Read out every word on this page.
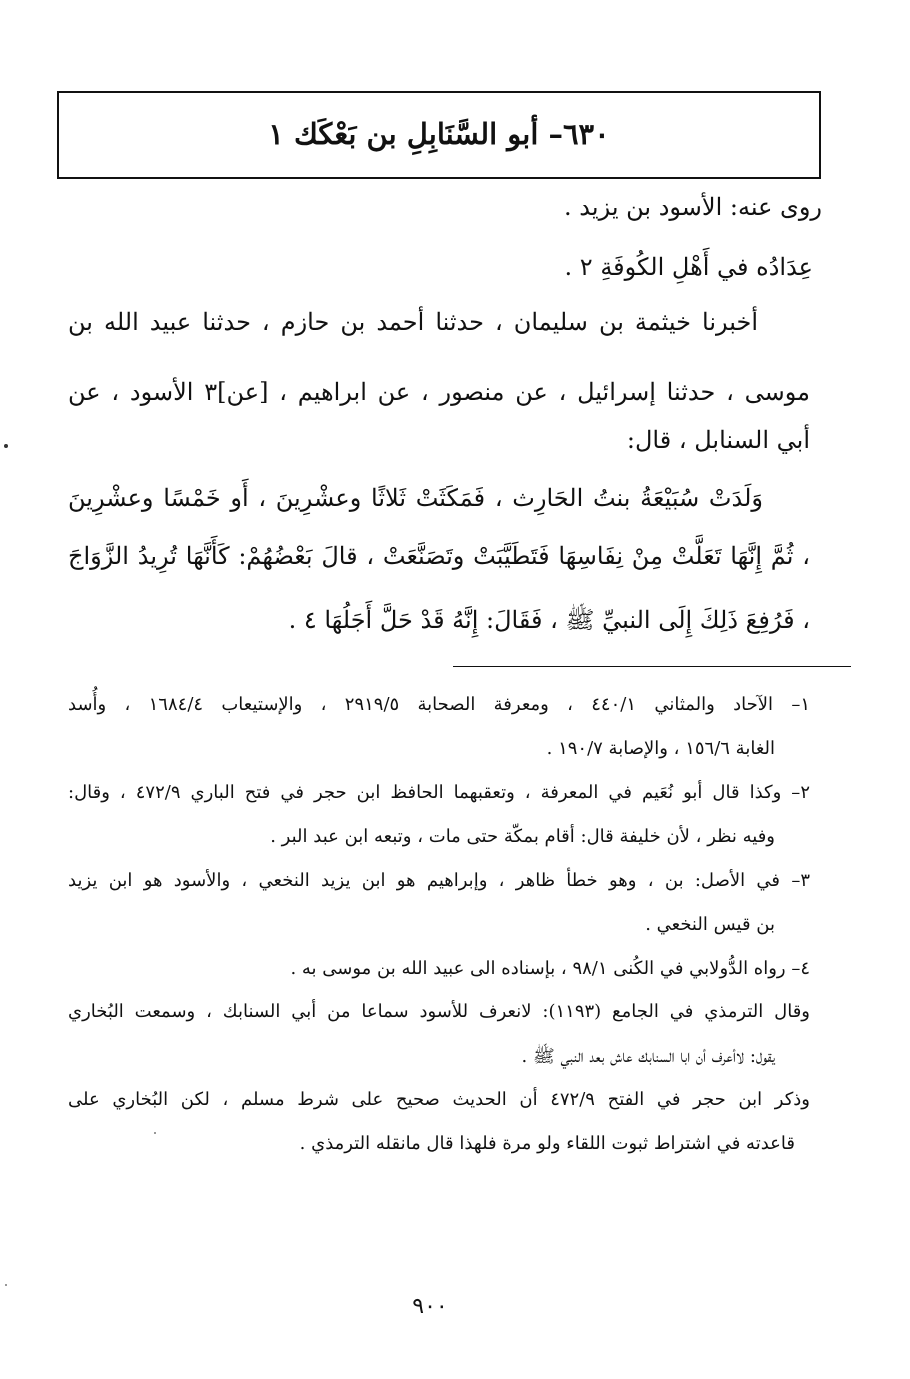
٦٣٠– أبو السَّنَابِلِ بن بَعْكَك ١
روى عنه: الأسود بن يزيد .
عِدَادُه في أَهْلِ الكُوفَةِ ٢ .
أخبرنا خيثمة بن سليمان ، حدثنا أحمد بن حازم ، حدثنا عبيد الله بن
موسى ، حدثنا إسرائيل ، عن منصور ، عن ابراهيم ، [عن]٣ الأسود ، عن
أبي السنابل ، قال:
وَلَدَتْ سُبَيْعَةُ بنتُ الحَارِث ، فَمَكَثَتْ ثَلاثًا وعشْرِينَ ، أَو خَمْسًا وعشْرِينَ
، ثُمَّ إِنَّهَا تَعَلَّتْ مِنْ نِفَاسِهَا فَتَطَيَّبَتْ وتَصَنَّعَتْ ، قالَ بَعْضُهُمْ: كَأَنَّهَا تُرِيدُ الزَّوَاجَ
، فَرُفِعَ ذَلِكَ إِلَى النبيِّ ﷺ ، فَقَالَ: إِنَّهُ قَدْ حَلَّ أَجَلُهَا ٤ .
١– الآحاد والمثاني ٤٤٠/١ ، ومعرفة الصحابة ٢٩١٩/٥ ، والإستيعاب ١٦٨٤/٤ ، وأُسد
الغابة ١٥٦/٦ ، والإصابة ١٩٠/٧ .
٢– وكذا قال أبو نُعَيم في المعرفة ، وتعقبهما الحافظ ابن حجر في فتح الباري ٤٧٢/٩ ، وقال:
وفيه نظر ، لأن خليفة قال: أقام بمكّة حتى مات ، وتبعه ابن عبد البر .
٣– في الأصل: بن ، وهو خطأ ظاهر ، وإبراهيم هو ابن يزيد النخعي ، والأسود هو ابن يزيد
بن قيس النخعي .
٤– رواه الدُّولابي في الكُنى ٩٨/١ ، بإسناده الى عبيد الله بن موسى به .
وقال الترمذي في الجامع (١١٩٣): لانعرف للأسود سماعا من أبي السنابك ، وسمعت البُخاري
يقول: لاأعرف أن ابا السنابك عاش بعد النبي ﷺ .
وذكر ابن حجر في الفتح ٤٧٢/٩ أن الحديث صحيح على شرط مسلم ، لكن البُخاري على
قاعدته في اشتراط ثبوت اللقاء ولو مرة فلهذا قال مانقله الترمذي .
٩٠٠
